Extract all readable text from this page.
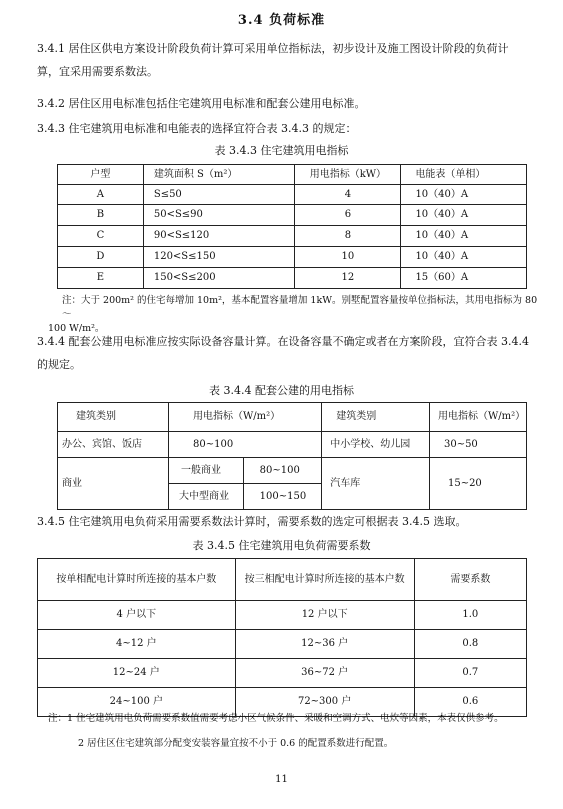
3.4 负荷标准
3.4.1 居住区供电方案设计阶段负荷计算可采用单位指标法，初步设计及施工图设计阶段的负荷计
算，宜采用需要系数法。
3.4.2 居住区用电标准包括住宅建筑用电标准和配套公建用电标准。
3.4.3 住宅建筑用电标准和电能表的选择宜符合表 3.4.3 的规定：
表 3.4.3 住宅建筑用电指标
户型	建筑面积 S（m²）	用电指标（kW）	电能表（单相）
A	S≤50	4	10（40）A
B	50<S≤90	6	10（40）A
C	90<S≤120	8	10（40）A
D	120<S≤150	10	10（40）A
E	150<S≤200	12	15（60）A
注：大于 200m² 的住宅每增加 10m²，基本配置容量增加 1kW。别墅配置容量按单位指标法，其用电指标为 80～
100 W/m²。
3.4.4 配套公建用电标准应按实际设备容量计算。在设备容量不确定或者在方案阶段，宜符合表 3.4.4
的规定。
表 3.4.4 配套公建的用电指标
建筑类别	用电指标（W/m²）		建筑类别	用电指标（W/m²）
办公、宾馆、饭店	80~100		中小学校、幼儿园	30~50
商业	一般商业	80~100	汽车库	15~20
	大中型商业	100~150		
3.4.5 住宅建筑用电负荷采用需要系数法计算时，需要系数的选定可根据表 3.4.5 选取。
表 3.4.5 住宅建筑用电负荷需要系数
按单相配电计算时所连接的基本户数	按三相配电计算时所连接的基本户数	需要系数
4 户以下	12 户以下	1.0
4~12 户	12~36 户	0.8
12~24 户	36~72 户	0.7
24~100 户	72~300 户	0.6
注：1 住宅建筑用电负荷需要系数值需要考虑小区气候条件、采暖和空调方式、电炊等因素，本表仅供参考。
2 居住区住宅建筑部分配变安装容量宜按不小于 0.6 的配置系数进行配置。
11
